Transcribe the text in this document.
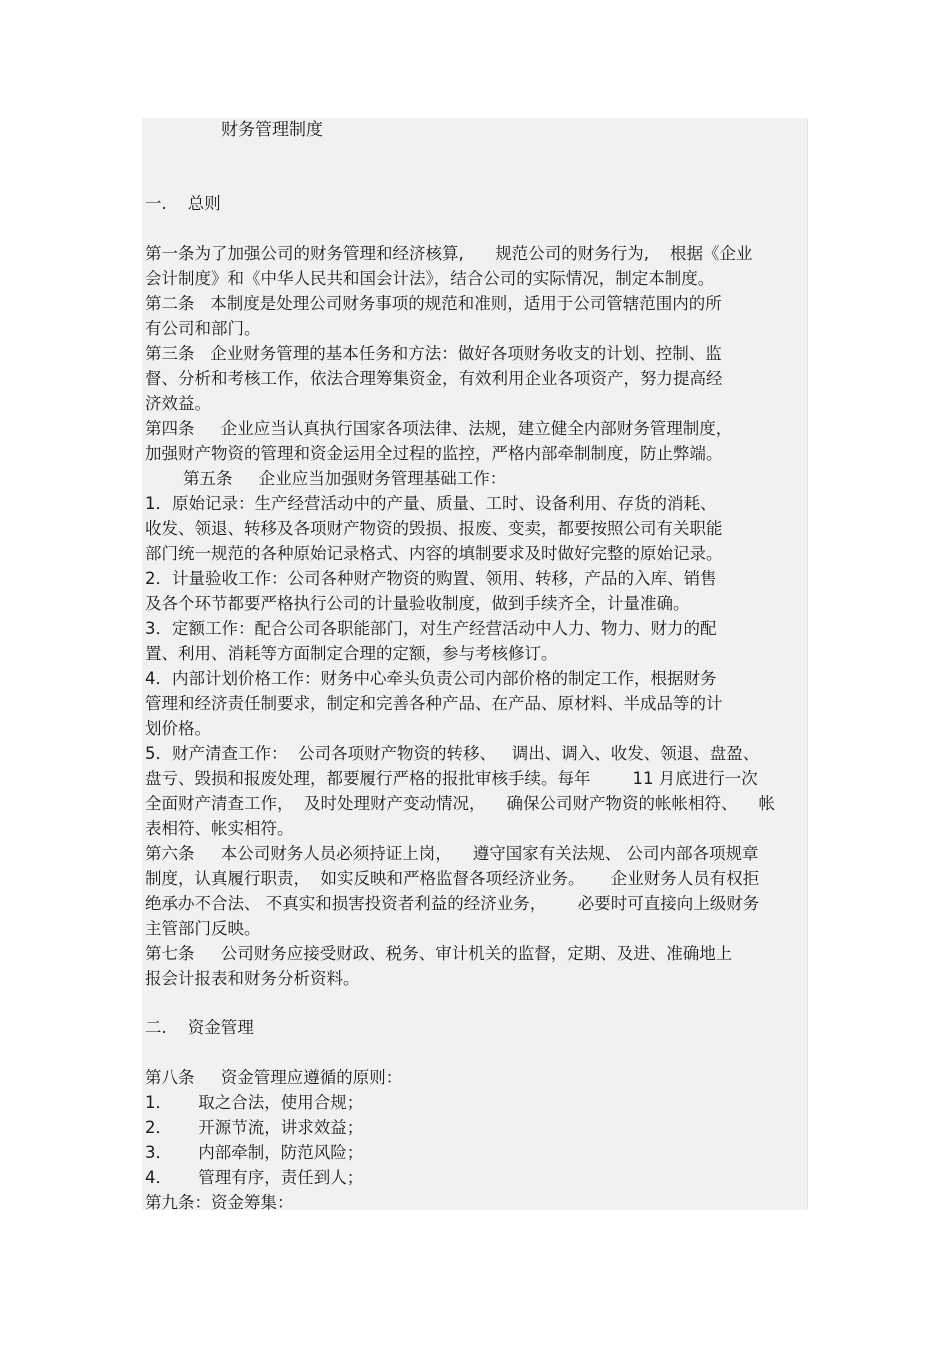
财务管理制度

一.    总则

第一条为了加强公司的财务管理和经济核算,      规范公司的财务行为,    根据《企业

会计制度》和《中华人民共和国会计法》，结合公司的实际情况，制定本制度。

第二条   本制度是处理公司财务事项的规范和准则，适用于公司管辖范围内的所

有公司和部门。

第三条   企业财务管理的基本任务和方法：做好各项财务收支的计划、控制、监

督、分析和考核工作，依法合理筹集资金，有效利用企业各项资产，努力提高经

济效益。

第四条     企业应当认真执行国家各项法律、法规，建立健全内部财务管理制度，

加强财产物资的管理和资金运用全过程的监控，严格内部牵制制度，防止弊端。

第五条     企业应当加强财务管理基础工作：

1．原始记录：生产经营活动中的产量、质量、工时、设备利用、存货的消耗、

收发、领退、转移及各项财产物资的毁损、报废、变卖，都要按照公司有关职能

部门统一规范的各种原始记录格式、内容的填制要求及时做好完整的原始记录。

2．计量验收工作：公司各种财产物资的购置、领用、转移，产品的入库、销售

及各个环节都要严格执行公司的计量验收制度，做到手续齐全，计量准确。

3．定额工作：配合公司各职能部门，对生产经营活动中人力、物力、财力的配

置、利用、消耗等方面制定合理的定额，参与考核修订。

4．内部计划价格工作：财务中心牵头负责公司内部价格的制定工作，根据财务

管理和经济责任制要求，制定和完善各种产品、在产品、原材料、半成品等的计

划价格。

5．财产清查工作：  公司各项财产物资的转移、   调出、调入、收发、领退、盘盈、

盘亏、毁损和报废处理，都要履行严格的报批审核手续。每年        11 月底进行一次

全面财产清查工作，  及时处理财产变动情况，    确保公司财产物资的帐帐相符、    帐

表相符、帐实相符。

第六条     本公司财务人员必须持证上岗，    遵守国家有关法规、 公司内部各项规章

制度，认真履行职责，  如实反映和严格监督各项经济业务。     企业财务人员有权拒

绝承办不合法、 不真实和损害投资者利益的经济业务，      必要时可直接向上级财务

主管部门反映。

第七条     公司财务应接受财政、税务、审计机关的监督，定期、及进、准确地上

报会计报表和财务分析资料。

二.    资金管理

第八条     资金管理应遵循的原则：

1．     取之合法，使用合规；

2．     开源节流，讲求效益；

3．     内部牵制，防范风险；

4．     管理有序，责任到人；

第九条：资金筹集：
